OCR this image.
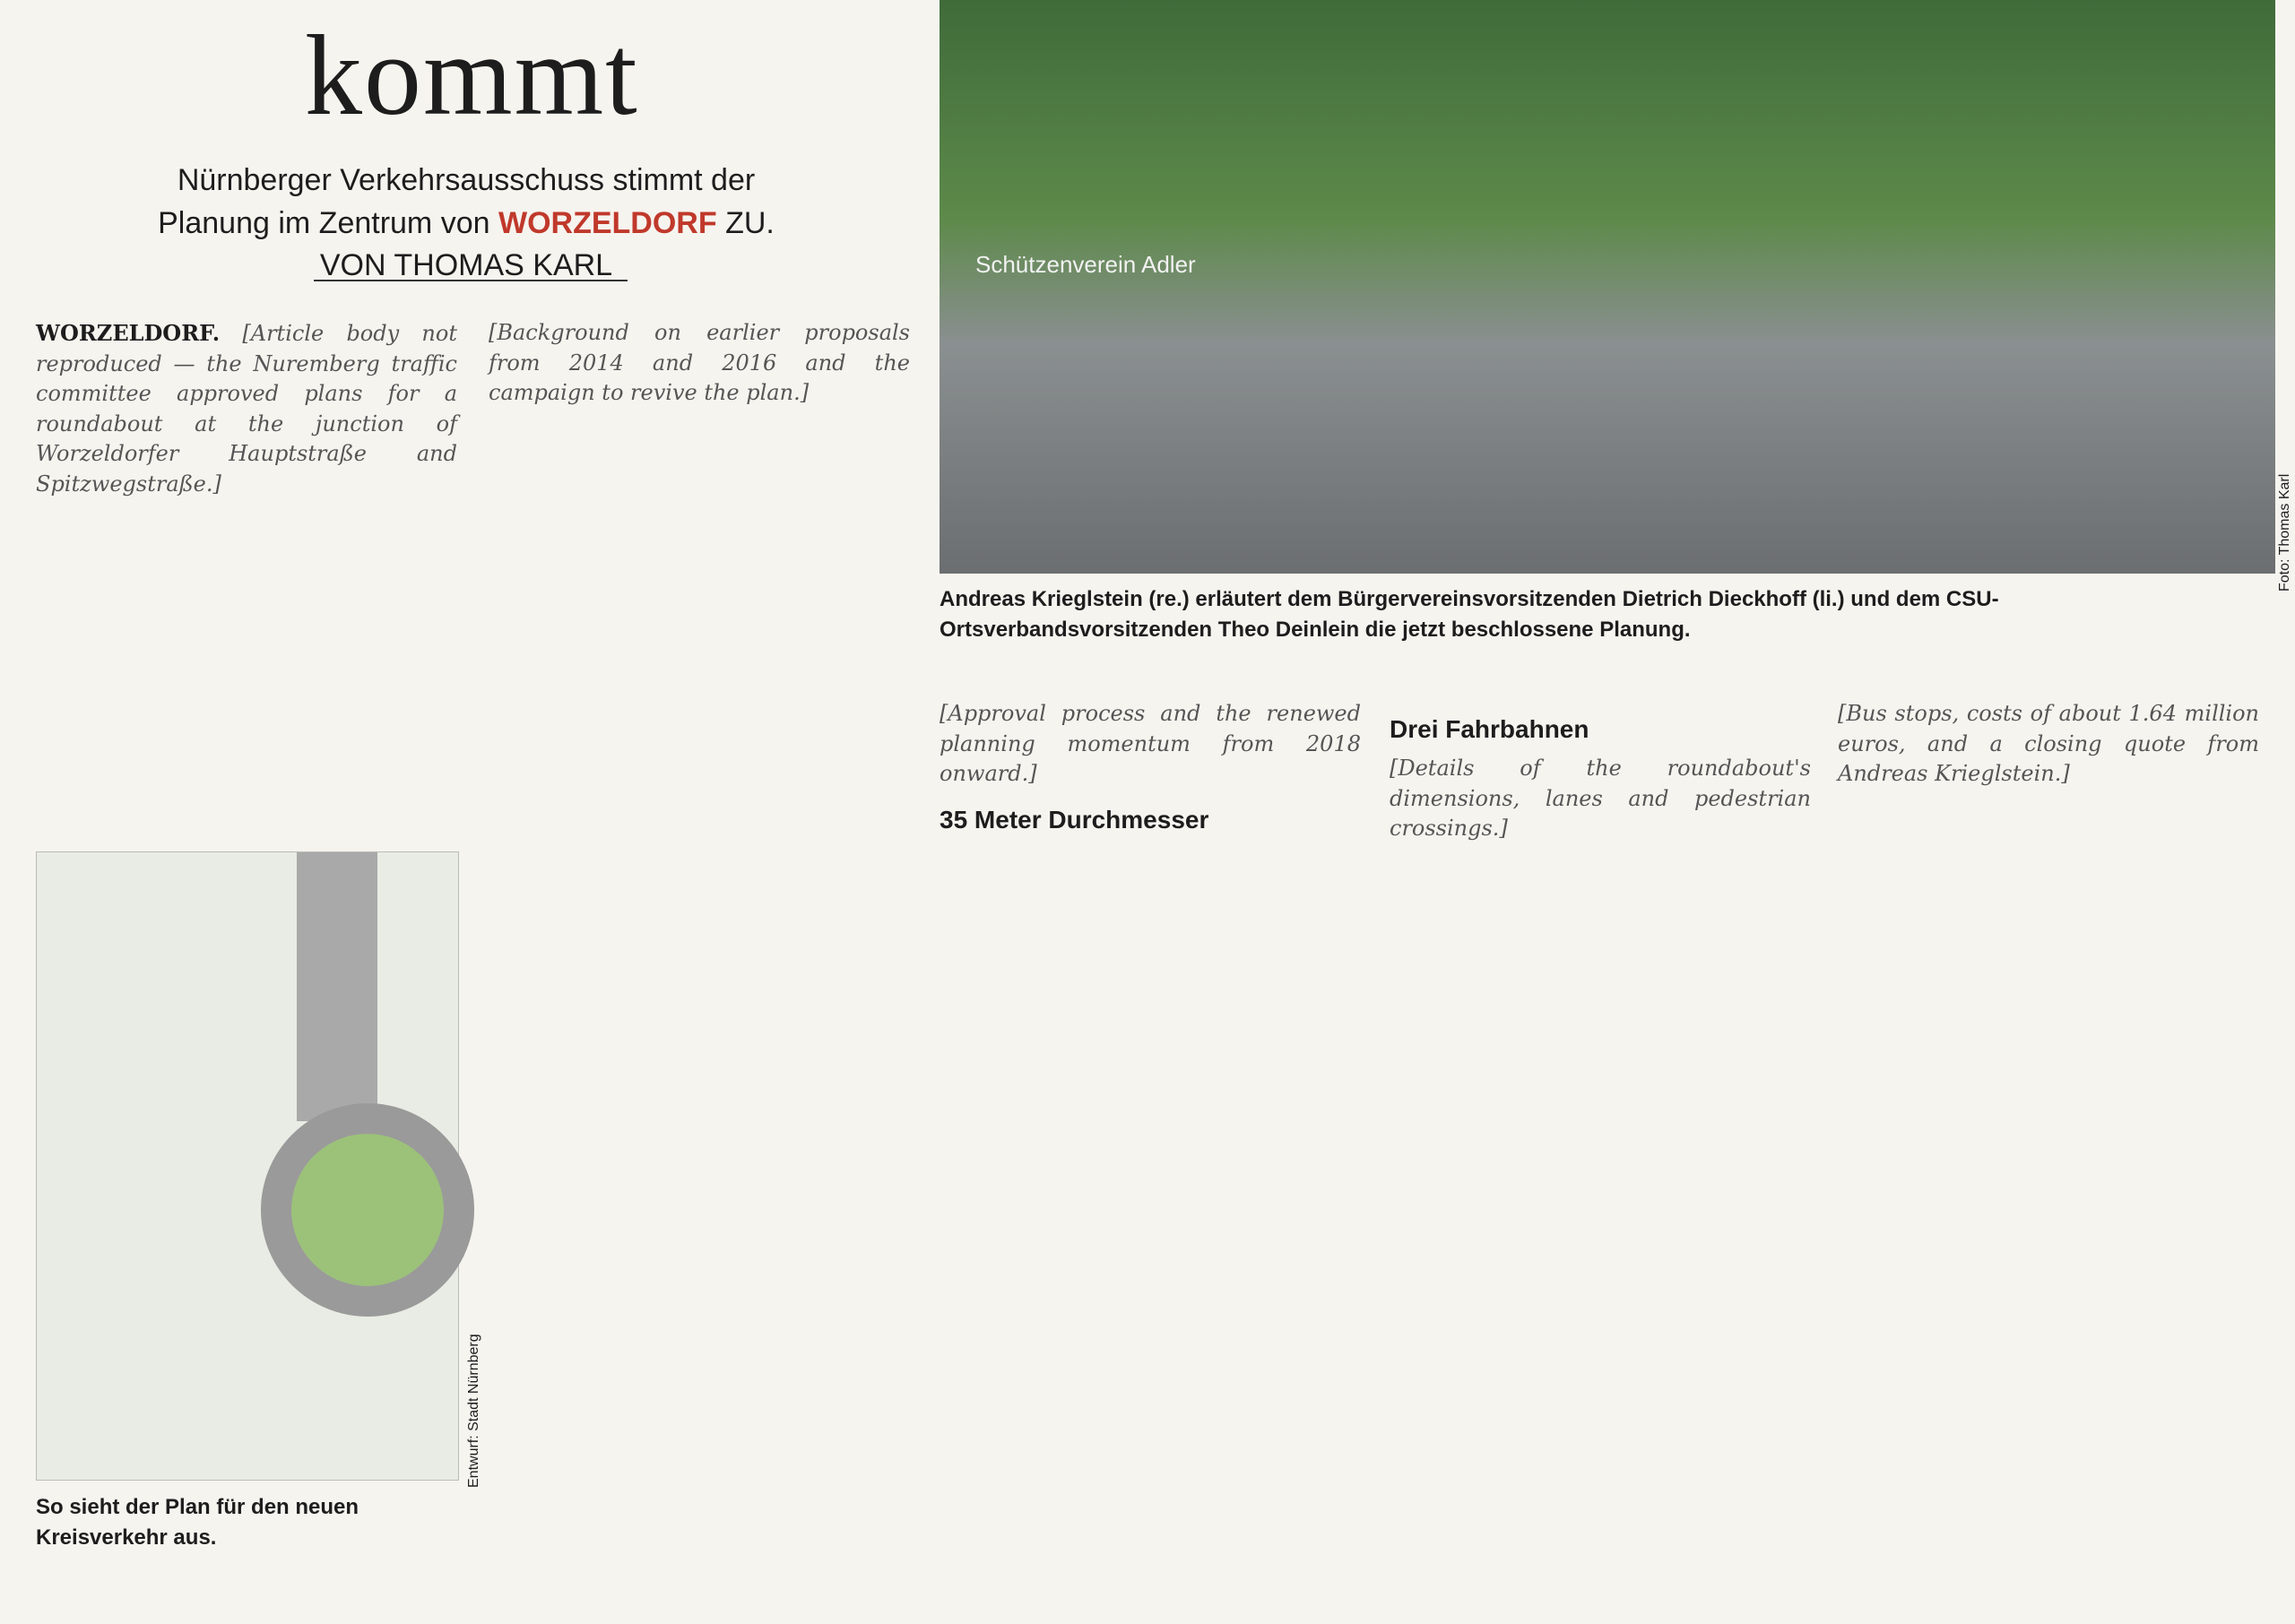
kommt
Nürnberger Verkehrsausschuss stimmt der Planung im Zentrum von WORZELDORF ZU. VON THOMAS KARL
WORZELDORF. [Article body not reproduced — the Nuremberg traffic committee approved plans for a roundabout at the junction of Worzeldorfer Hauptstraße and Spitzwegstraße.]
So sieht der Plan für den neuen Kreisverkehr aus.
Entwurf: Stadt Nürnberg
[Background on earlier proposals from 2014 and 2016 and the campaign to revive the plan.]
Schützenverein Adler
Foto: Thomas Karl
Andreas Krieglstein (re.) erläutert dem Bürgervereinsvorsitzenden Dietrich Dieckhoff (li.) und dem CSU-Ortsverbandsvorsitzenden Theo Deinlein die jetzt beschlossene Planung.
[Approval process and the renewed planning momentum from 2018 onward.]
35 Meter Durchmesser
Drei Fahrbahnen
[Details of the roundabout's dimensions, lanes and pedestrian crossings.]
[Bus stops, costs of about 1.64 million euros, and a closing quote from Andreas Krieglstein.]
